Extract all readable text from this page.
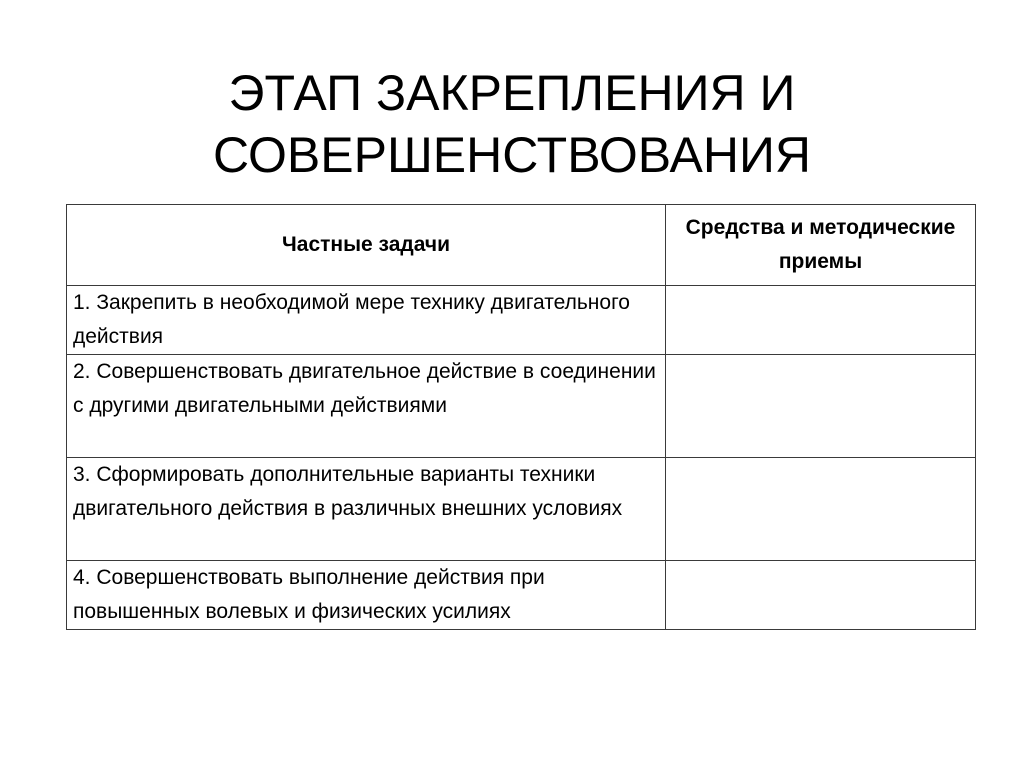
ЭТАП ЗАКРЕПЛЕНИЯ И
СОВЕРШЕНСТВОВАНИЯ
Частные задачи	Средства и методические приемы
1. Закрепить в необходимой мере технику двигательного действия	
2. Совершенствовать двигательное действие в соединении с другими двигательными действиями	
3. Сформировать дополнительные варианты техники двигательного действия в различных внешних условиях	
4. Совершенствовать выполнение действия при повышенных волевых и физических усилиях	
